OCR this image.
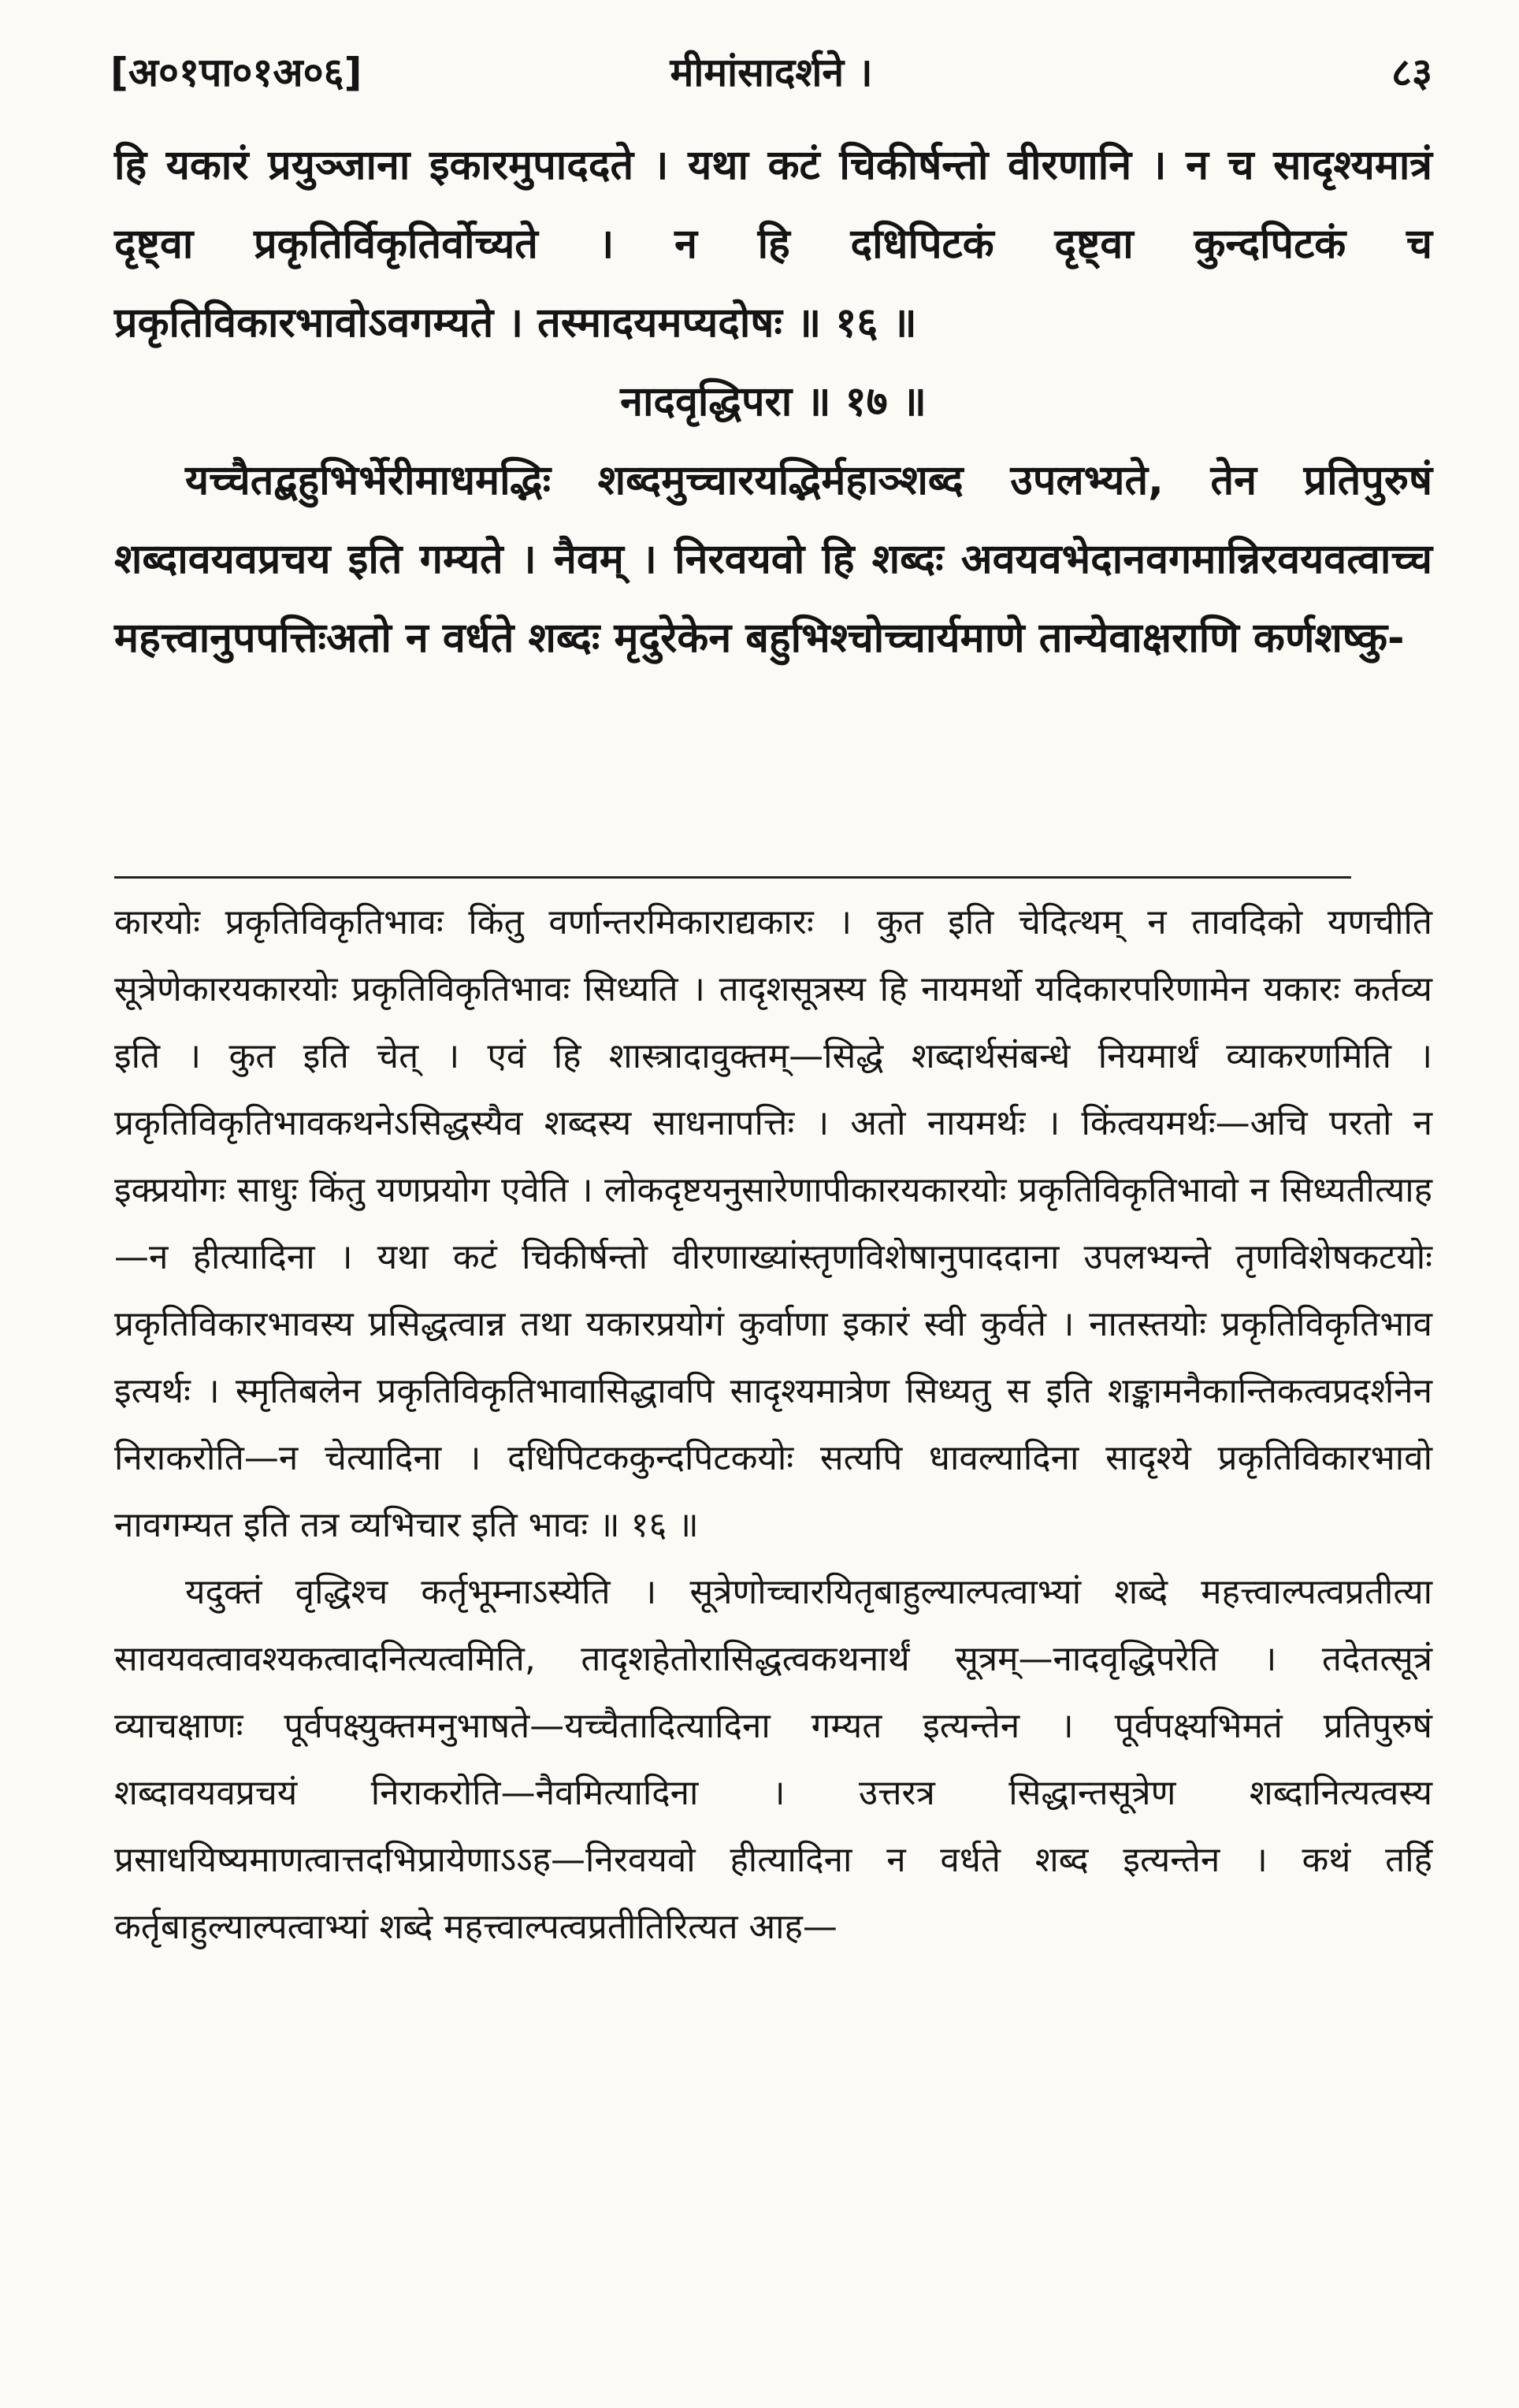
[अ०१पा०१अ०६]	मीमांसादर्शने ।	८३

हि यकारं प्रयुञ्जाना इकारमुपाददते । यथा कटं चिकीर्षन्तो वीरणानि । न च सादृश्यमात्रं दृष्ट्वा प्रकृतिर्विकृतिर्वोच्यते । न हि दधिपिटकं दृष्ट्वा कुन्दपिटकं च प्रकृतिविकारभावोऽवगम्यते । तस्मादयमप्यदोषः ॥ १६ ॥

नादवृद्धिपरा ॥ १७ ॥

यच्चैतद्बहुभिर्भेरीमाधमद्भिः शब्दमुच्चारयद्भिर्महाञ्शब्द उपलभ्यते, तेन प्रतिपुरुषं शब्दावयवप्रचय इति गम्यते । नैवम् । निरवयवो हि शब्दः अवयवभेदानवगमान्निरवयवत्वाच्च महत्त्वानुपपत्तिःअतो न वर्धते शब्दः मृदुरेकेन बहुभिश्चोच्चार्यमाणे तान्येवाक्षराणि कर्णशष्कु-

कारयोः प्रकृतिविकृतिभावः किंतु वर्णान्तरमिकाराद्यकारः । कुत इति चेदित्थम् न तावदिको यणचीति सूत्रेणेकारयकारयोः प्रकृतिविकृतिभावः सिध्यति । तादृशसूत्रस्य हि नायमर्थो यदिकारपरिणामेन यकारः कर्तव्य इति । कुत इति चेत् । एवं हि शास्त्रादावुक्तम्—सिद्धे शब्दार्थसंबन्धे नियमार्थं व्याकरणमिति । प्रकृतिविकृतिभावकथनेऽसिद्धस्यैव शब्दस्य साधनापत्तिः । अतो नायमर्थः । किंत्वयमर्थः—अचि परतो न इक्प्रयोगः साधुः किंतु यणप्रयोग एवेति । लोकदृष्टयनुसारेणापीकारयकारयोः प्रकृतिविकृतिभावो न सिध्यतीत्याह—न हीत्यादिना । यथा कटं चिकीर्षन्तो वीरणाख्यांस्तृणविशेषानुपाददाना उपलभ्यन्ते तृणविशेषकटयोः प्रकृतिविकारभावस्य प्रसिद्धत्वान्न तथा यकारप्रयोगं कुर्वाणा इकारं स्वी कुर्वते । नातस्तयोः प्रकृतिविकृतिभाव इत्यर्थः । स्मृतिबलेन प्रकृतिविकृतिभावासिद्धावपि सादृश्यमात्रेण सिध्यतु स इति शङ्कामनैकान्तिकत्वप्रदर्शनेन निराकरोति—न चेत्यादिना । दधिपिटककुन्दपिटकयोः सत्यपि धावल्यादिना सादृश्ये प्रकृतिविकारभावो नावगम्यत इति तत्र व्यभिचार इति भावः ॥ १६ ॥

यदुक्तं वृद्धिश्च कर्तृभूम्नाऽस्येति । सूत्रेणोच्चारयितृबाहुल्याल्पत्वाभ्यां शब्दे महत्त्वाल्पत्वप्रतीत्या सावयवत्वावश्यकत्वादनित्यत्वमिति, तादृशहेतोरासिद्धत्वकथनार्थं सूत्रम्—नादवृद्धिपरेति । तदेतत्सूत्रं व्याचक्षाणः पूर्वपक्ष्युक्तमनुभाषते—यच्चैतादित्यादिना गम्यत इत्यन्तेन । पूर्वपक्ष्यभिमतं प्रतिपुरुषं शब्दावयवप्रचयं निराकरोति—नैवमित्यादिना । उत्तरत्र सिद्धान्तसूत्रेण शब्दानित्यत्वस्य प्रसाधयिष्यमाणत्वात्तदभिप्रायेणाऽऽह—निरवयवो हीत्यादिना न वर्धते शब्द इत्यन्तेन । कथं तर्हि कर्तृबाहुल्याल्पत्वाभ्यां शब्दे महत्त्वाल्पत्वप्रतीतिरित्यत आह—
